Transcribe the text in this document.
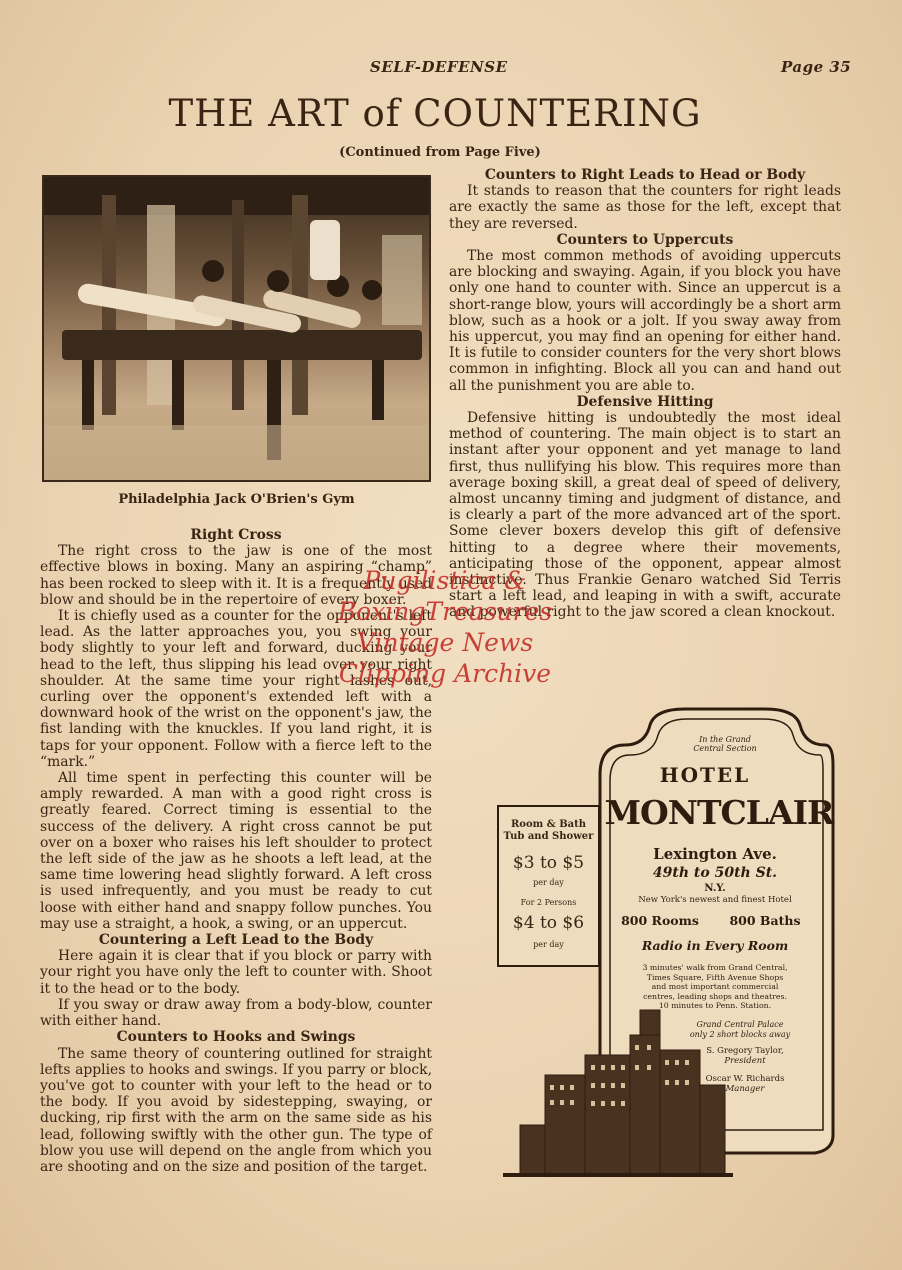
SELF-DEFENSE	Page 35
THE ART of COUNTERING
(Continued from Page Five)
Philadelphia Jack O'Brien's Gym
Right Cross

The right cross to the jaw is one of the most effective blows in boxing. Many an aspiring “champ” has been rocked to sleep with it. It is a frequently used blow and should be in the repertoire of every boxer.

It is chiefly used as a counter for the opponent's left lead. As the latter approaches you, you swing your body slightly to your left and forward, ducking your head to the left, thus slipping his lead over your right shoulder. At the same time your right lashes out, curling over the opponent's extended left with a downward hook of the wrist on the opponent's jaw, the fist landing with the knuckles. If you land right, it is taps for your opponent. Follow with a fierce left to the “mark.”

All time spent in perfecting this counter will be amply rewarded. A man with a good right cross is greatly feared. Correct timing is essential to the success of the delivery. A right cross cannot be put over on a boxer who raises his left shoulder to protect the left side of the jaw as he shoots a left lead, at the same time lowering head slightly forward. A left cross is used infrequently, and you must be ready to cut loose with either hand and snappy follow punches. You may use a straight, a hook, a swing, or an uppercut.

Countering a Left Lead to the Body

Here again it is clear that if you block or parry with your right you have only the left to counter with. Shoot it to the head or to the body.

If you sway or draw away from a body-blow, counter with either hand.

Counters to Hooks and Swings

The same theory of countering outlined for straight lefts applies to hooks and swings. If you parry or block, you've got to counter with your left to the head or to the body. If you avoid by sidestepping, swaying, or ducking, rip first with the arm on the same side as his lead, following swiftly with the other gun. The type of blow you use will depend on the angle from which you are shooting and on the size and position of the target.

Counters to Right Leads to Head or Body

It stands to reason that the counters for right leads are exactly the same as those for the left, except that they are reversed.

Counters to Uppercuts

The most common methods of avoiding uppercuts are blocking and swaying. Again, if you block you have only one hand to counter with. Since an uppercut is a short-range blow, yours will accordingly be a short arm blow, such as a hook or a jolt. If you sway away from his uppercut, you may find an opening for either hand. It is futile to consider counters for the very short blows common in infighting. Block all you can and hand out all the punishment you are able to.

Defensive Hitting

Defensive hitting is undoubtedly the most ideal method of countering. The main object is to start an instant after your opponent and yet manage to land first, thus nullifying his blow. This requires more than average boxing skill, a great deal of speed of delivery, almost uncanny timing and judgment of distance, and is clearly a part of the more advanced art of the sport. Some clever boxers develop this gift of defensive hitting to a degree where their movements, anticipating those of the opponent, appear almost instinctive. Thus Frankie Genaro watched Sid Terris start a left lead, and leaping in with a swift, accurate and powerful right to the jaw scored a clean knockout.

Pugilistica &
BoxingTreasures
Vintage News
Clipping Archive
In the Grand
Central Section
HOTEL
MONTCLAIR
Room & Bath
Tub and Shower
$3 to $5
per day
For 2 Persons
$4 to $6
per day
Lexington Ave.
49th to 50th St.
N.Y.
New York's newest and finest Hotel
800 Rooms	800 Baths
Radio in Every Room
3 minutes' walk from Grand Central,
Times Square, Fifth Avenue Shops
and most important commercial
centres, leading shops and theatres.
10 minutes to Penn. Station.
Grand Central Palace
only 2 short blocks away
S. Gregory Taylor,
President
Oscar W. Richards
Manager
